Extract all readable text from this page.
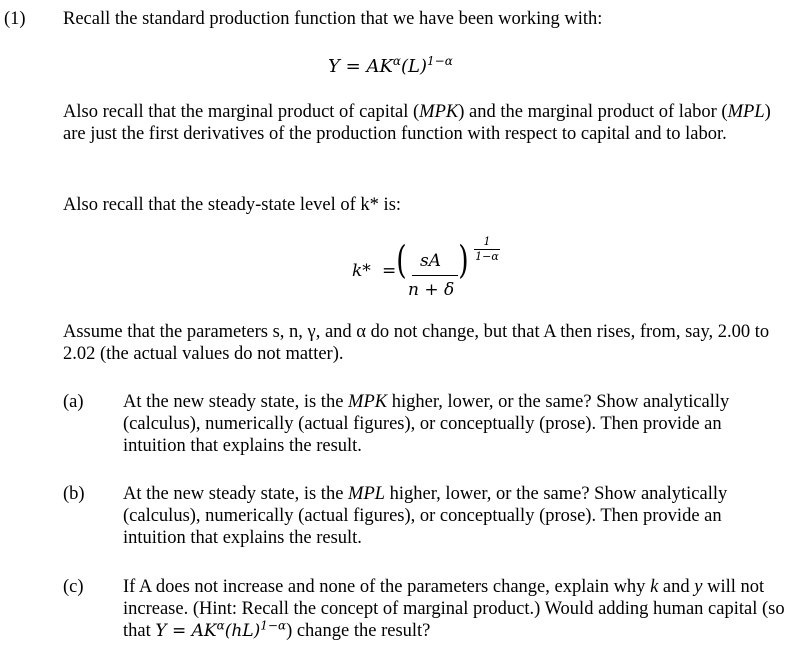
(1) Recall the standard production function that we have been working with:
$Y = AK^\alpha(L)^{1-\alpha}$
Also recall that the marginal product of capital (MPK) and the marginal product of labor (MPL) are just the first derivatives of the production function with respect to capital and to labor.
Also recall that the steady-state level of k* is:
k* = ( sA
n + δ
)	1
1−α
Assume that the parameters s, n, γ, and α do not change, but that A then rises, from, say, 2.00 to 2.02 (the actual values do not matter).
(a) At the new steady state, is the MPK higher, lower, or the same? Show analytically (calculus), numerically (actual figures), or conceptually (prose). Then provide an intuition that explains the result.
(b) At the new steady state, is the MPL higher, lower, or the same? Show analytically (calculus), numerically (actual figures), or conceptually (prose). Then provide an intuition that explains the result.
(c) If A does not increase and none of the parameters change, explain why k and y will not increase. (Hint: Recall the concept of marginal product.) Would adding human capital (so that $Y = AK^\alpha(hL)^{1-\alpha}$) change the result?
